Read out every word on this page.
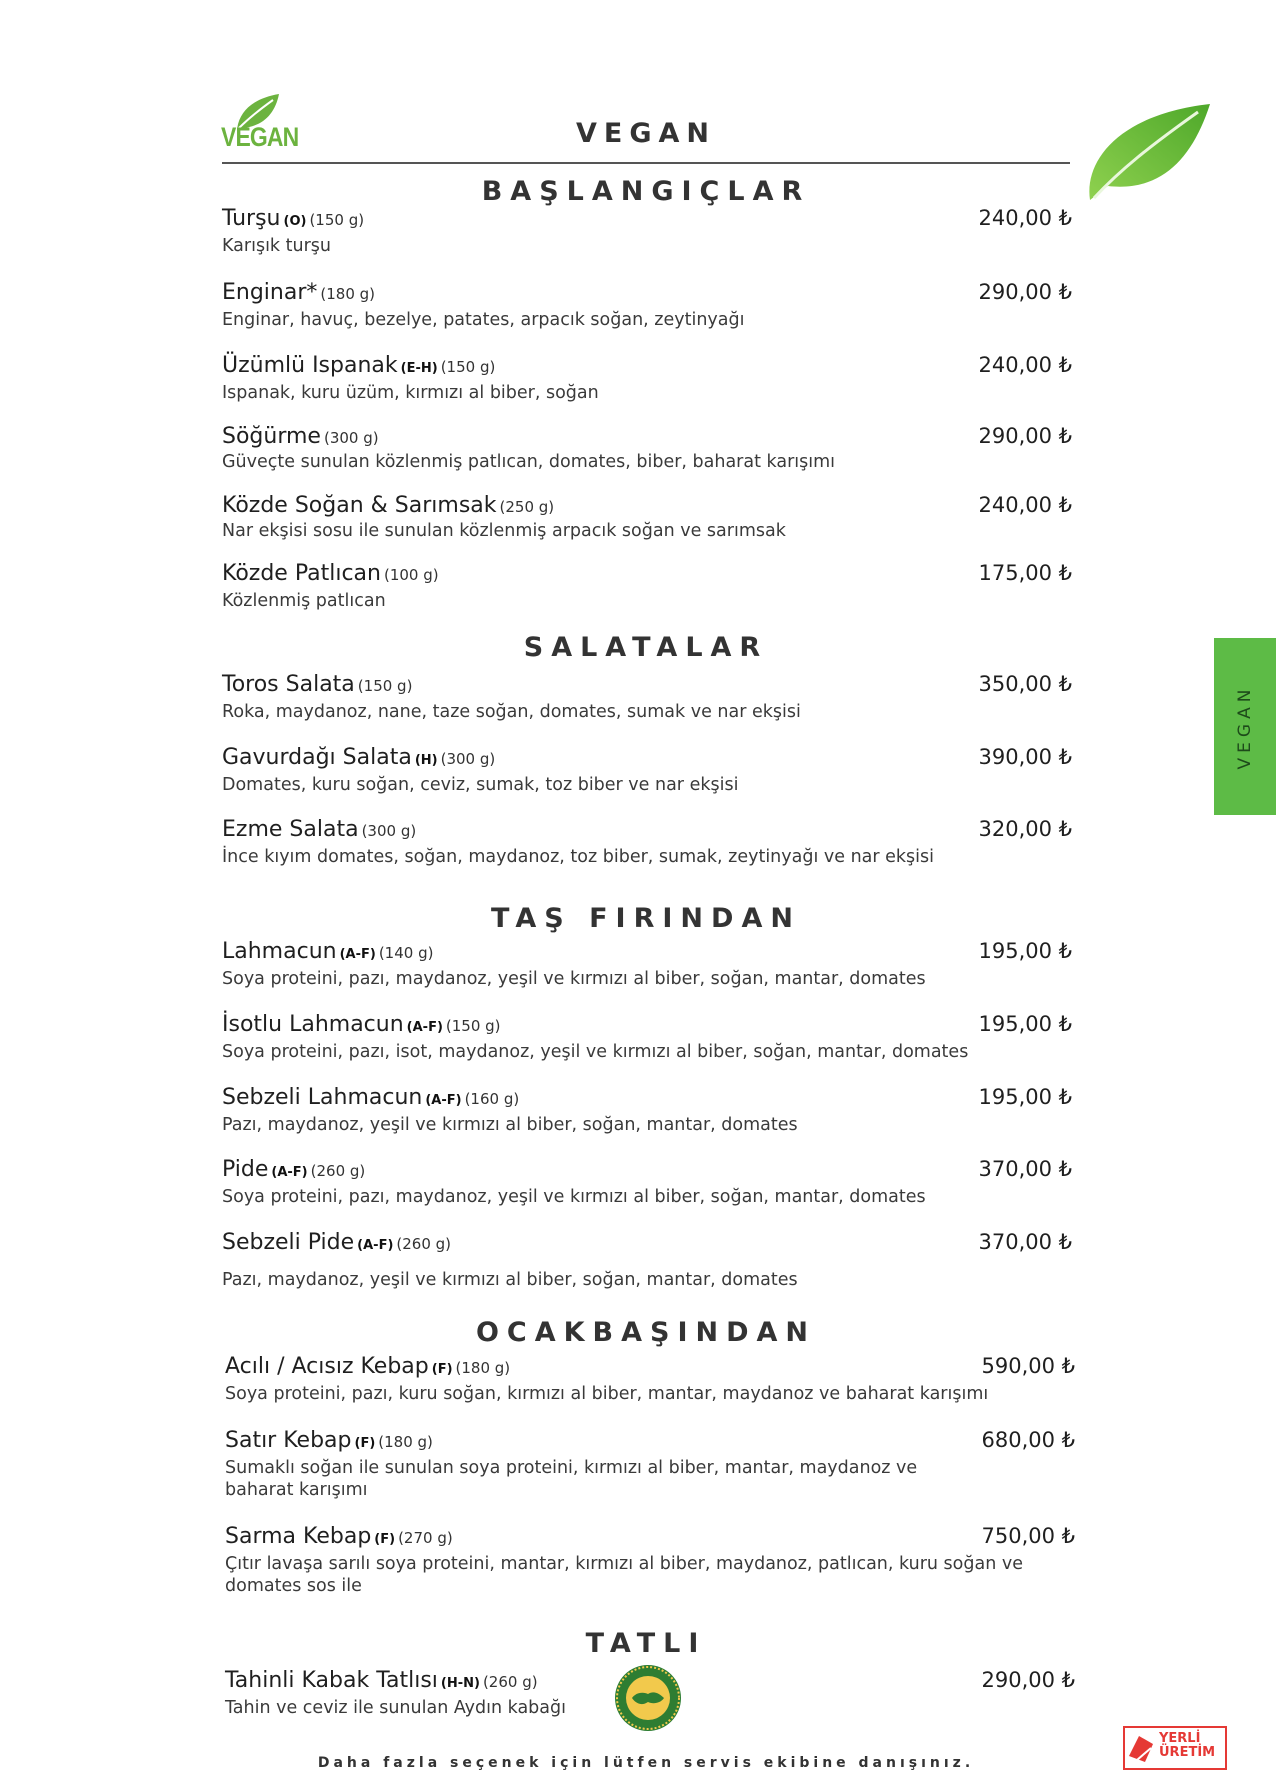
VEGAN	VEGAN
BAŞLANGIÇLAR
Turşu (O) (150 g)	240,00 ₺
Karışık turşu
Enginar* (180 g)	290,00 ₺
Enginar, havuç, bezelye, patates, arpacık soğan, zeytinyağı
Üzümlü Ispanak (E-H) (150 g)	240,00 ₺
Ispanak, kuru üzüm, kırmızı al biber, soğan
Söğürme (300 g)	290,00 ₺
Güveçte sunulan közlenmiş patlıcan, domates, biber, baharat karışımı
Közde Soğan & Sarımsak (250 g)	240,00 ₺
Nar ekşisi sosu ile sunulan közlenmiş arpacık soğan ve sarımsak
Közde Patlıcan (100 g)	175,00 ₺
Közlenmiş patlıcan
SALATALAR
Toros Salata (150 g)	350,00 ₺
Roka, maydanoz, nane, taze soğan, domates, sumak ve nar ekşisi
Gavurdağı Salata (H) (300 g)	390,00 ₺
Domates, kuru soğan, ceviz, sumak, toz biber ve nar ekşisi
Ezme Salata (300 g)	320,00 ₺
İnce kıyım domates, soğan, maydanoz, toz biber, sumak, zeytinyağı ve nar ekşisi
TAŞ FIRINDAN
Lahmacun (A-F) (140 g)	195,00 ₺
Soya proteini, pazı, maydanoz, yeşil ve kırmızı al biber, soğan, mantar, domates
İsotlu Lahmacun (A-F) (150 g)	195,00 ₺
Soya proteini, pazı, isot, maydanoz, yeşil ve kırmızı al biber, soğan, mantar, domates
Sebzeli Lahmacun (A-F) (160 g)	195,00 ₺
Pazı, maydanoz, yeşil ve kırmızı al biber, soğan, mantar, domates
Pide (A-F) (260 g)	370,00 ₺
Soya proteini, pazı, maydanoz, yeşil ve kırmızı al biber, soğan, mantar, domates
Sebzeli Pide (A-F) (260 g)	370,00 ₺
Pazı, maydanoz, yeşil ve kırmızı al biber, soğan, mantar, domates
OCAKBAŞINDAN
Acılı / Acısız Kebap (F) (180 g)	590,00 ₺
Soya proteini, pazı, kuru soğan, kırmızı al biber, mantar, maydanoz ve baharat karışımı
Satır Kebap (F) (180 g)	680,00 ₺
Sumaklı soğan ile sunulan soya proteini, kırmızı al biber, mantar, maydanoz ve baharat karışımı
Sarma Kebap (F) (270 g)	750,00 ₺
Çıtır lavaşa sarılı soya proteini, mantar, kırmızı al biber, maydanoz, patlıcan, kuru soğan ve domates sos ile
TATLI
Tahinli Kabak Tatlısı (H-N) (260 g)	290,00 ₺
Tahin ve ceviz ile sunulan Aydın kabağı
VEGAN
Daha fazla seçenek için lütfen servis ekibine danışınız.
YERLİ
ÜRETİM
